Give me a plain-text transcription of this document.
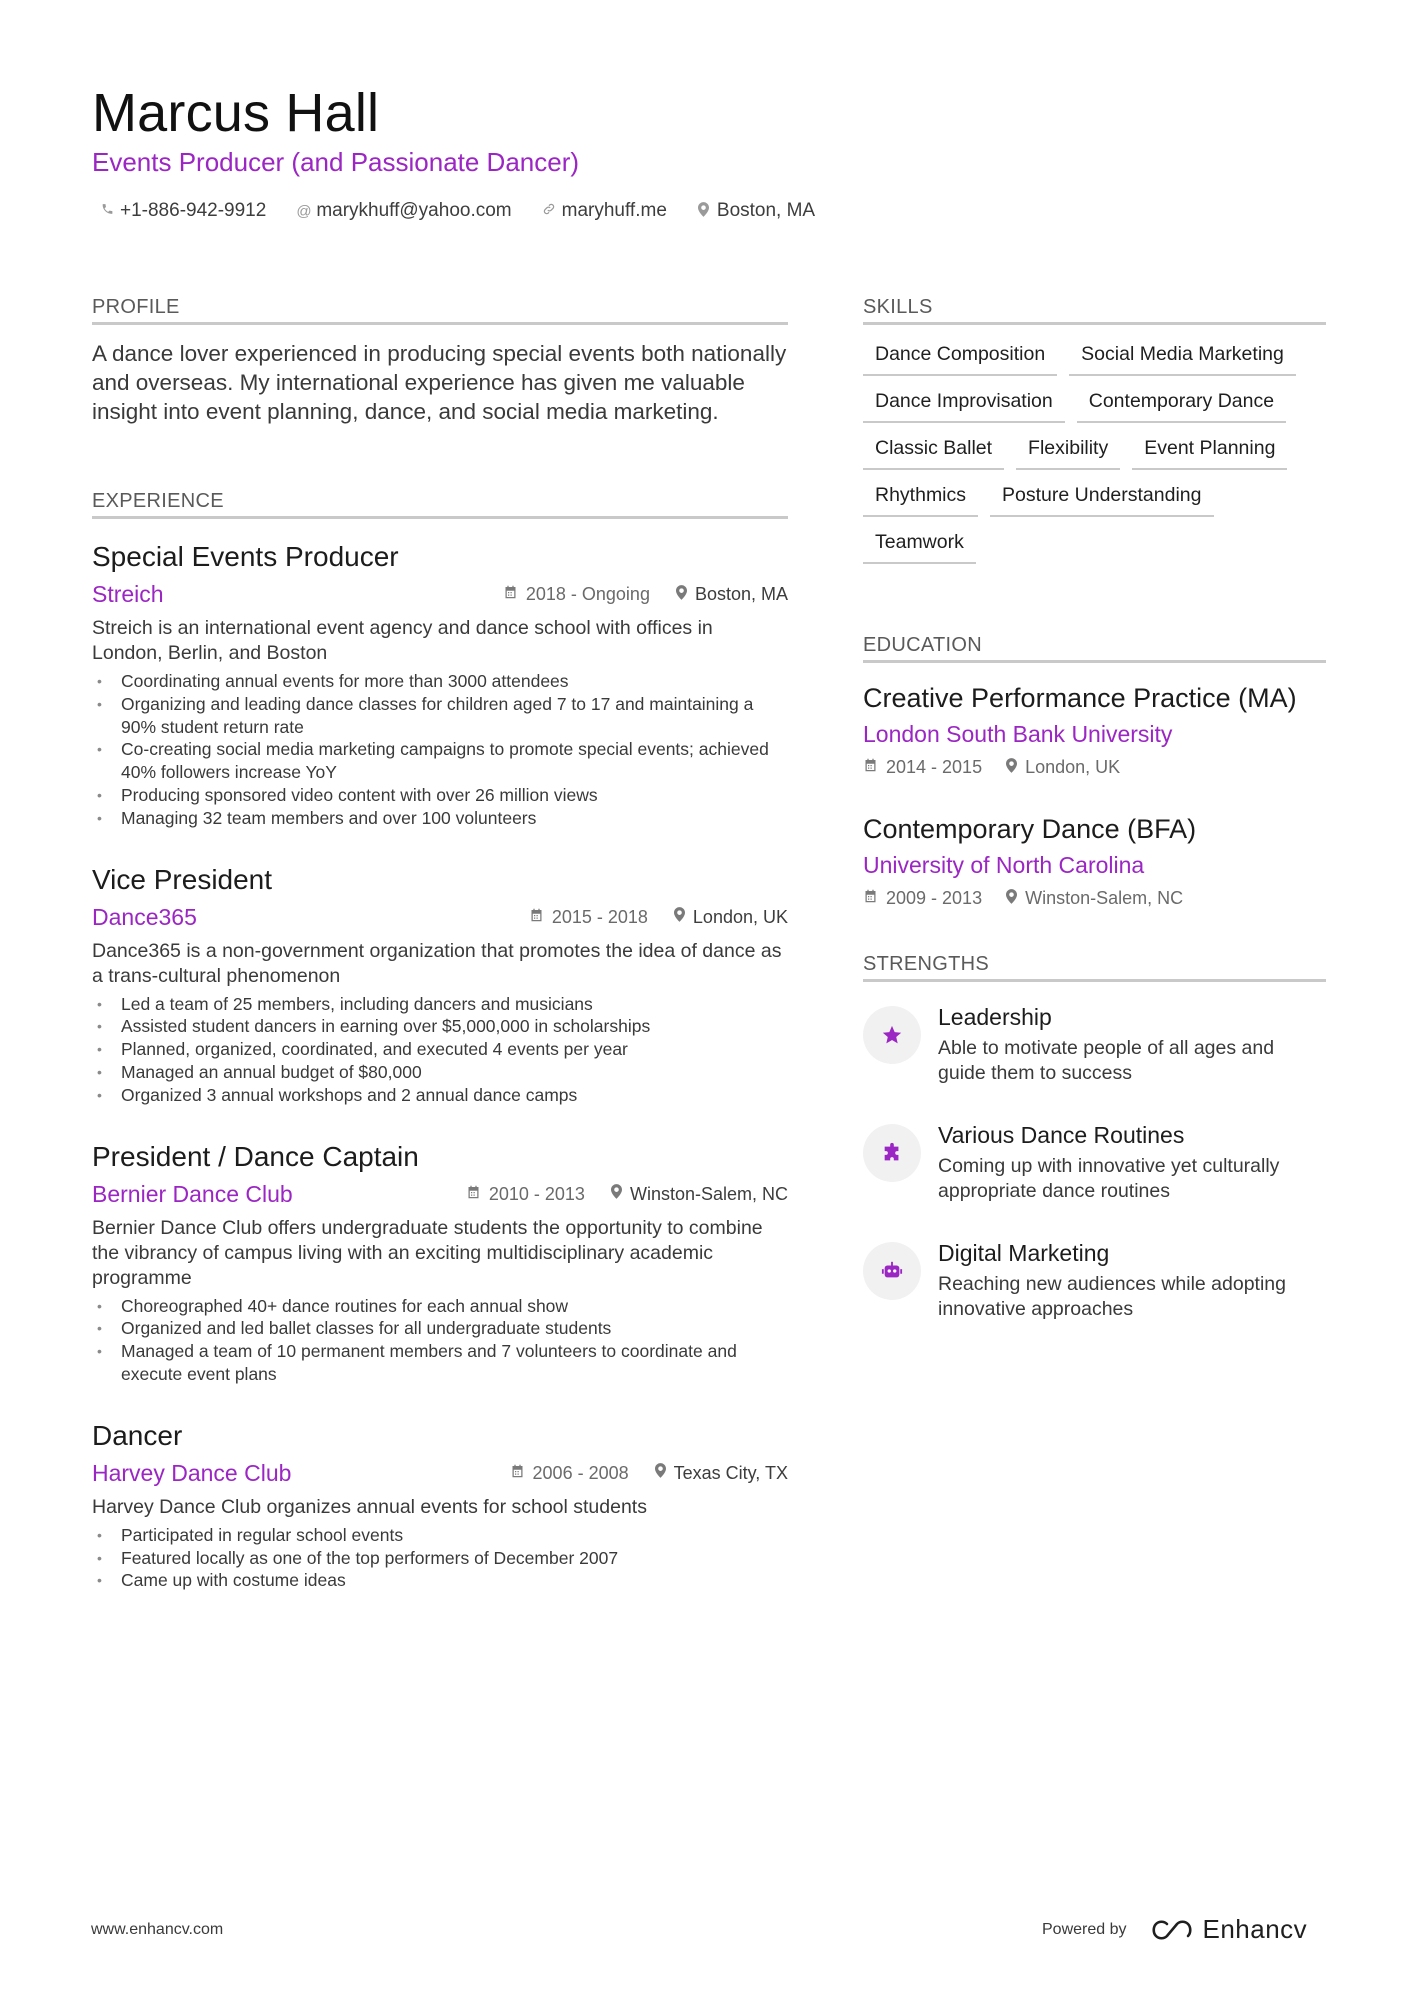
Marcus Hall
Events Producer (and Passionate Dancer)
+1-886-942-9912 @ marykhuff@yahoo.com	maryhuff.me	Boston, MA
PROFILE
A dance lover experienced in producing special events both nationally and overseas. My international experience has given me valuable insight into event planning, dance, and social media marketing.
EXPERIENCE
Special Events Producer
Streich	2018 - Ongoing	Boston, MA
Streich is an international event agency and dance school with offices in London, Berlin, and Boston
• Coordinating annual events for more than 3000 attendees
• Organizing and leading dance classes for children aged 7 to 17 and maintaining a 90% student return rate
• Co-creating social media marketing campaigns to promote special events; achieved 40% followers increase YoY
• Producing sponsored video content with over 26 million views
• Managing 32 team members and over 100 volunteers
Vice President
Dance365	2015 - 2018	London, UK
Dance365 is a non-government organization that promotes the idea of dance as a trans-cultural phenomenon
• Led a team of 25 members, including dancers and musicians
• Assisted student dancers in earning over $5,000,000 in scholarships
• Planned, organized, coordinated, and executed 4 events per year
• Managed an annual budget of $80,000
• Organized 3 annual workshops and 2 annual dance camps
President / Dance Captain
Bernier Dance Club	2010 - 2013	Winston-Salem, NC
Bernier Dance Club offers undergraduate students the opportunity to combine the vibrancy of campus living with an exciting multidisciplinary academic programme
• Choreographed 40+ dance routines for each annual show
• Organized and led ballet classes for all undergraduate students
• Managed a team of 10 permanent members and 7 volunteers to coordinate and execute event plans
Dancer
Harvey Dance Club	2006 - 2008	Texas City, TX
Harvey Dance Club organizes annual events for school students
• Participated in regular school events
• Featured locally as one of the top performers of December 2007
• Came up with costume ideas
SKILLS
Dance Composition	Social Media Marketing
Dance Improvisation	Contemporary Dance
Classic Ballet	Flexibility	Event Planning
Rhythmics	Posture Understanding
Teamwork
EDUCATION
Creative Performance Practice (MA)
London South Bank University
2014 - 2015 London, UK
Contemporary Dance (BFA)
University of North Carolina
2009 - 2013 Winston-Salem, NC
STRENGTHS
Leadership
Able to motivate people of all ages and guide them to success
Various Dance Routines
Coming up with innovative yet culturally appropriate dance routines
Digital Marketing
Reaching new audiences while adopting innovative approaches
www.enhancv.com	Powered by	Enhancv
